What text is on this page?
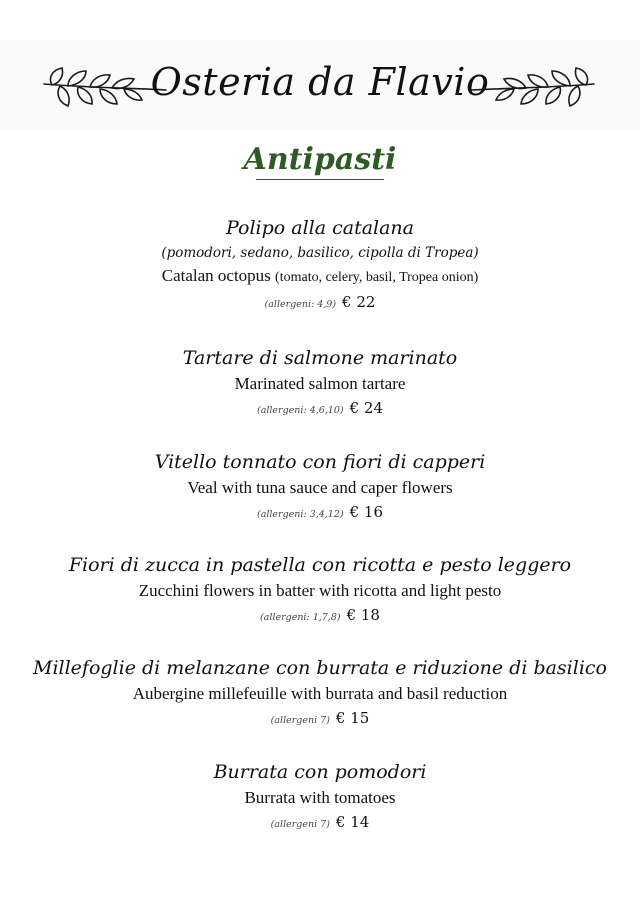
Osteria da Flavio
Antipasti
Polipo alla catalana
(pomodori, sedano, basilico, cipolla di Tropea)
Catalan octopus (tomato, celery, basil, Tropea onion)
(allergeni: 4,9) € 22
Tartare di salmone marinato
Marinated salmon tartare
(allergeni: 4,6,10) € 24
Vitello tonnato con fiori di capperi
Veal with tuna sauce and caper flowers
(allergeni: 3,4,12) € 16
Fiori di zucca in pastella con ricotta e pesto leggero
Zucchini flowers in batter with ricotta and light pesto
(allergeni: 1,7,8) € 18
Millefoglie di melanzane con burrata e riduzione di basilico
Aubergine millefeuille with burrata and basil reduction
(allergeni 7) € 15
Burrata con pomodori
Burrata with tomatoes
(allergeni 7) € 14
